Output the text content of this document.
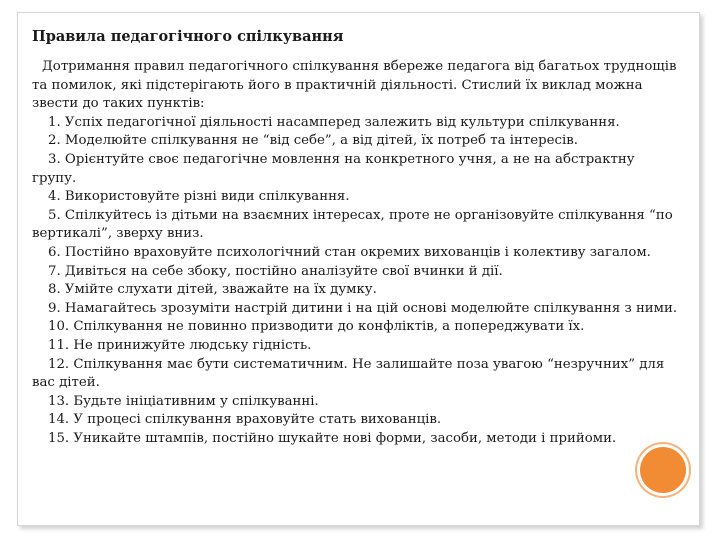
Правила педагогічного спілкування

Дотримання правил педагогічного спілкування вбереже педагога від багатьох труднощів та помилок, які підстерігають його в практичній діяльності. Стислий їх виклад можна звести до таких пунктів:

1. Успіх педагогічної діяльності насамперед залежить від культури спілкування.
2. Моделюйте спілкування не “від себе”, а від дітей, їх потреб та інтересів.
3. Орієнтуйте своє педагогічне мовлення на конкретного учня, а не на абстрактну групу.
4. Використовуйте різні види спілкування.
5. Спілкуйтесь із дітьми на взаємних інтересах, проте не організовуйте спілкування “по вертикалі”, зверху вниз.
6. Постійно враховуйте психологічний стан окремих вихованців і колективу загалом.
7. Дивіться на себе збоку, постійно аналізуйте свої вчинки й дії.
8. Умійте слухати дітей, зважайте на їх думку.
9. Намагайтесь зрозуміти настрій дитини і на цій основі моделюйте спілкування з ними.
10. Спілкування не повинно призводити до конфліктів, а попереджувати їх.
11. Не принижуйте людську гідність.
12. Спілкування має бути систематичним. Не залишайте поза увагою “незручних” для вас дітей.
13. Будьте ініціативним у спілкуванні.
14. У процесі спілкування враховуйте стать вихованців.
15. Уникайте штампів, постійно шукайте нові форми, засоби, методи і прийоми.
